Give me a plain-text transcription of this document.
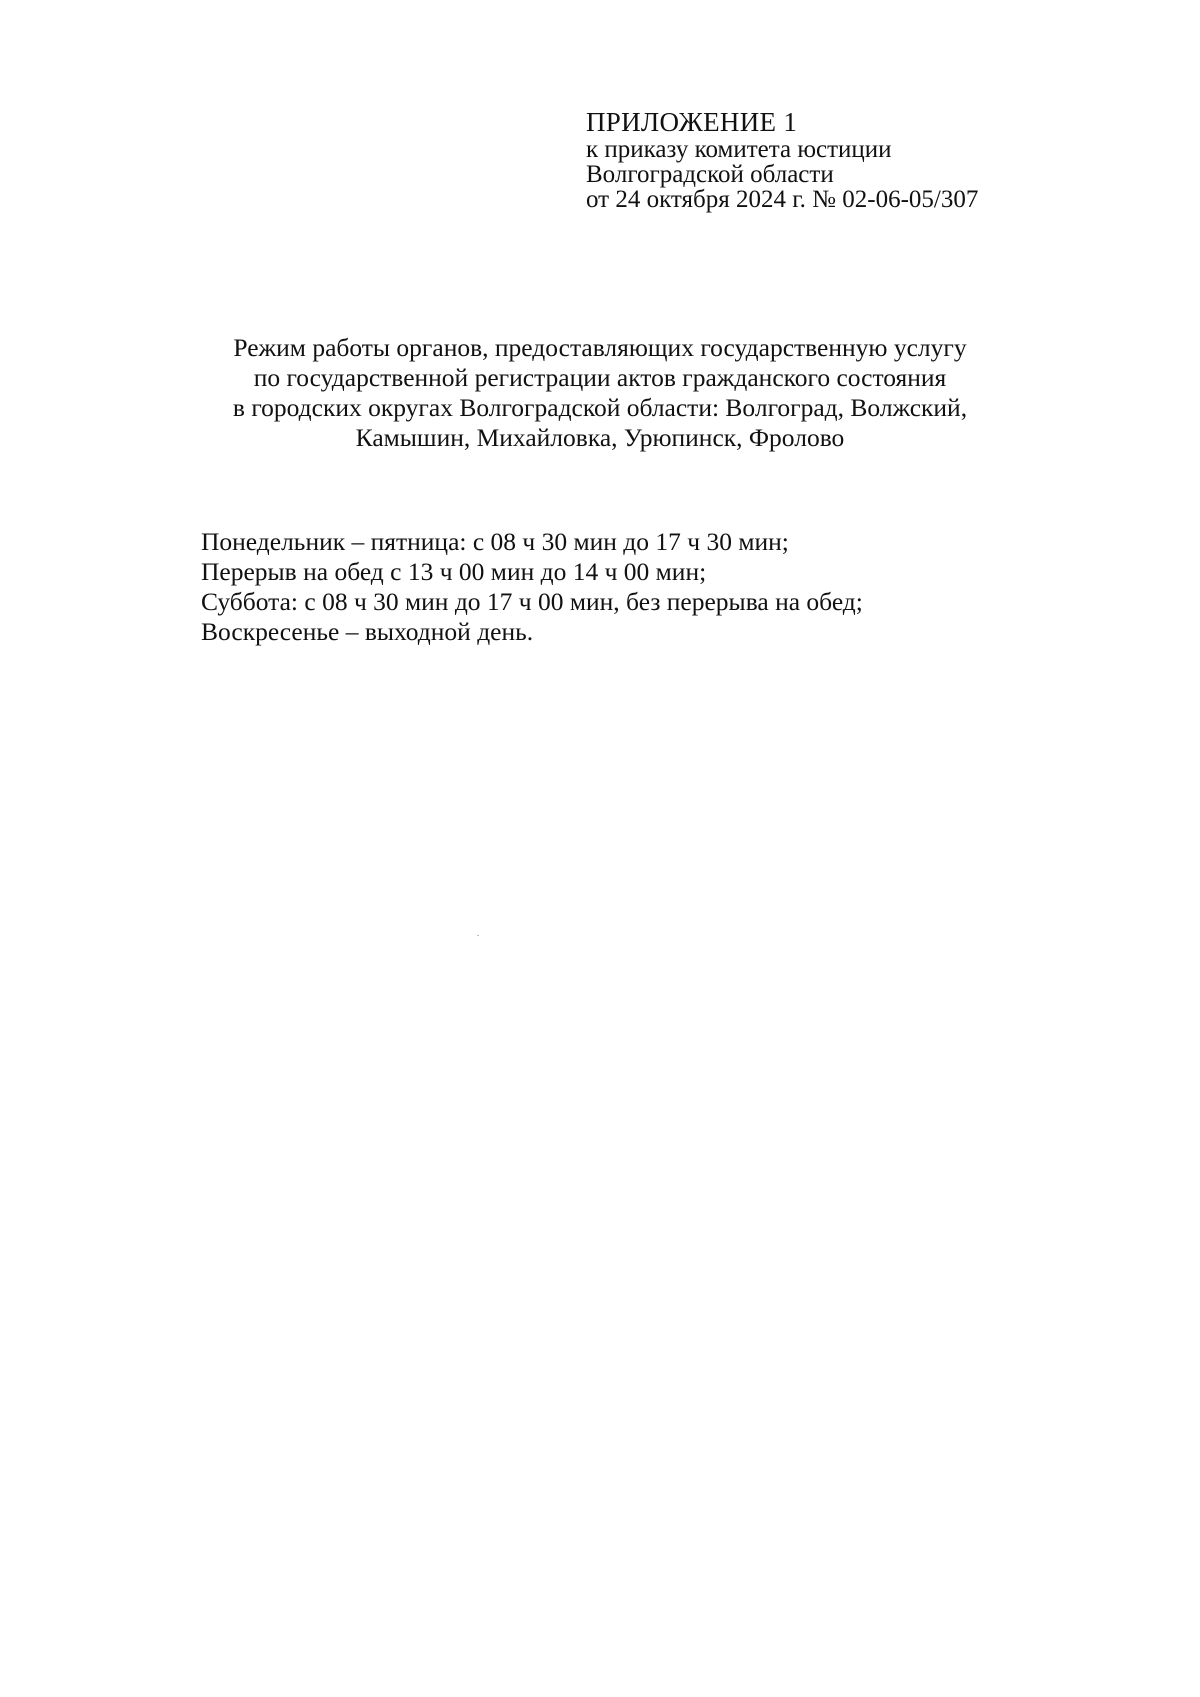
ПРИЛОЖЕНИЕ 1
к приказу комитета юстиции
Волгоградской области
от 24 октября 2024 г. № 02-06-05/307
Режим работы органов, предоставляющих государственную услугу
по государственной регистрации актов гражданского состояния
в городских округах Волгоградской области: Волгоград, Волжский,
Камышин, Михайловка, Урюпинск, Фролово
Понедельник – пятница: с 08 ч 30 мин до 17 ч 30 мин;
Перерыв на обед с 13 ч 00 мин до 14 ч 00 мин;
Суббота: с 08 ч 30 мин до 17 ч 00 мин, без перерыва на обед;
Воскресенье – выходной день.
